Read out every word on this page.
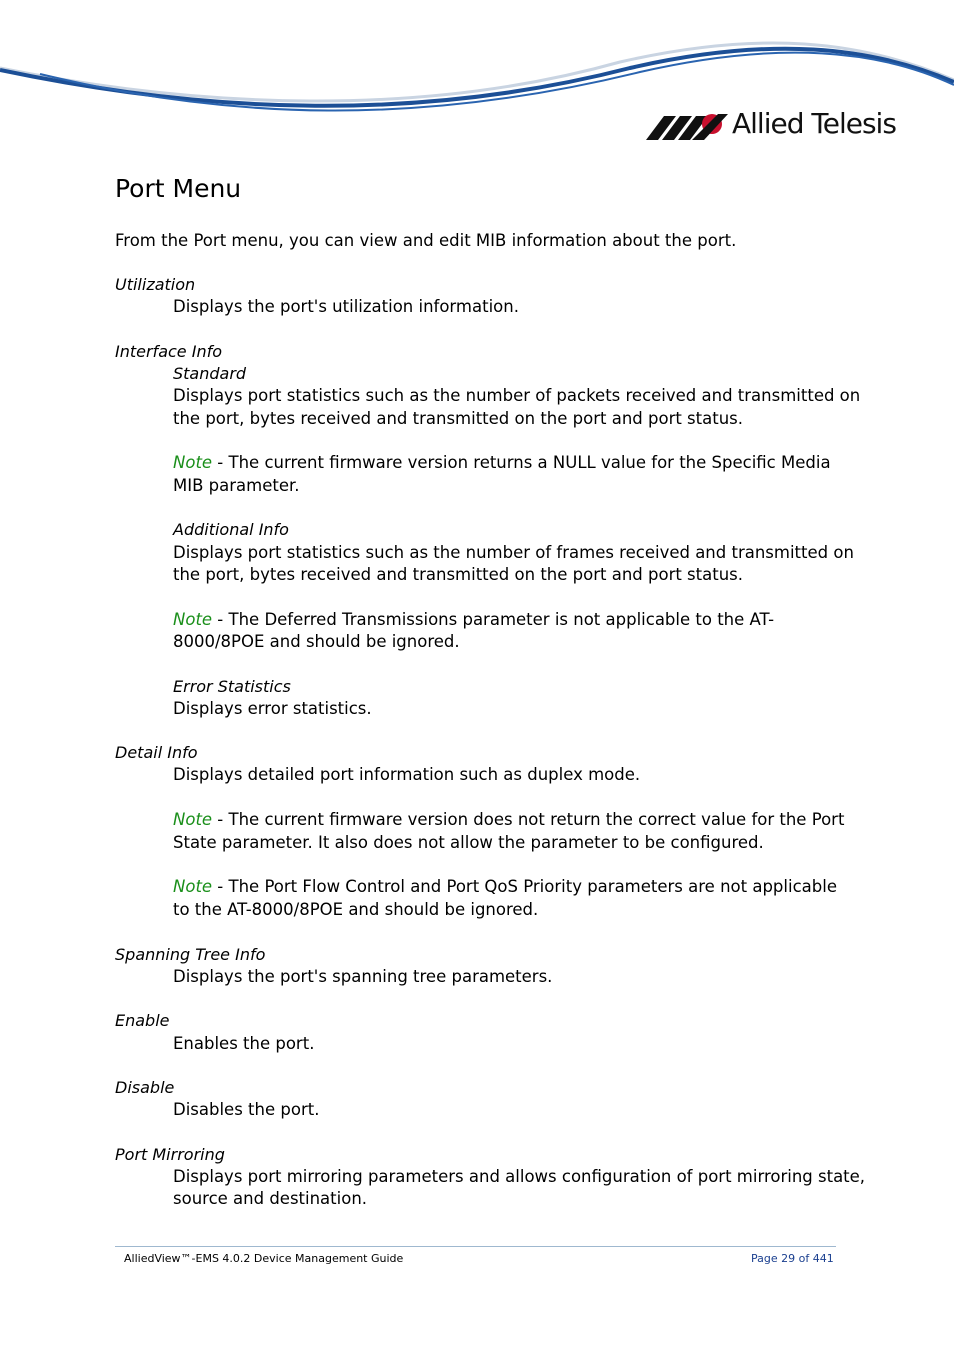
Allied Telesis
Port Menu
From the Port menu, you can view and edit MIB information about the port.
Utilization
Displays the port's utilization information.
Interface Info
Standard
Displays port statistics such as the number of packets received and transmitted on
the port, bytes received and transmitted on the port and port status.
Note - The current firmware version returns a NULL value for the Specific Media
MIB parameter.
Additional Info
Displays port statistics such as the number of frames received and transmitted on
the port, bytes received and transmitted on the port and port status.
Note - The Deferred Transmissions parameter is not applicable to the AT-
8000/8POE and should be ignored.
Error Statistics
Displays error statistics.
Detail Info
Displays detailed port information such as duplex mode.
Note - The current firmware version does not return the correct value for the Port
State parameter. It also does not allow the parameter to be configured.
Note - The Port Flow Control and Port QoS Priority parameters are not applicable
to the AT-8000/8POE and should be ignored.
Spanning Tree Info
Displays the port's spanning tree parameters.
Enable
Enables the port.
Disable
Disables the port.
Port Mirroring
Displays port mirroring parameters and allows configuration of port mirroring state,
source and destination.
AlliedView™-EMS 4.0.2 Device Management Guide	Page 29 of 441
